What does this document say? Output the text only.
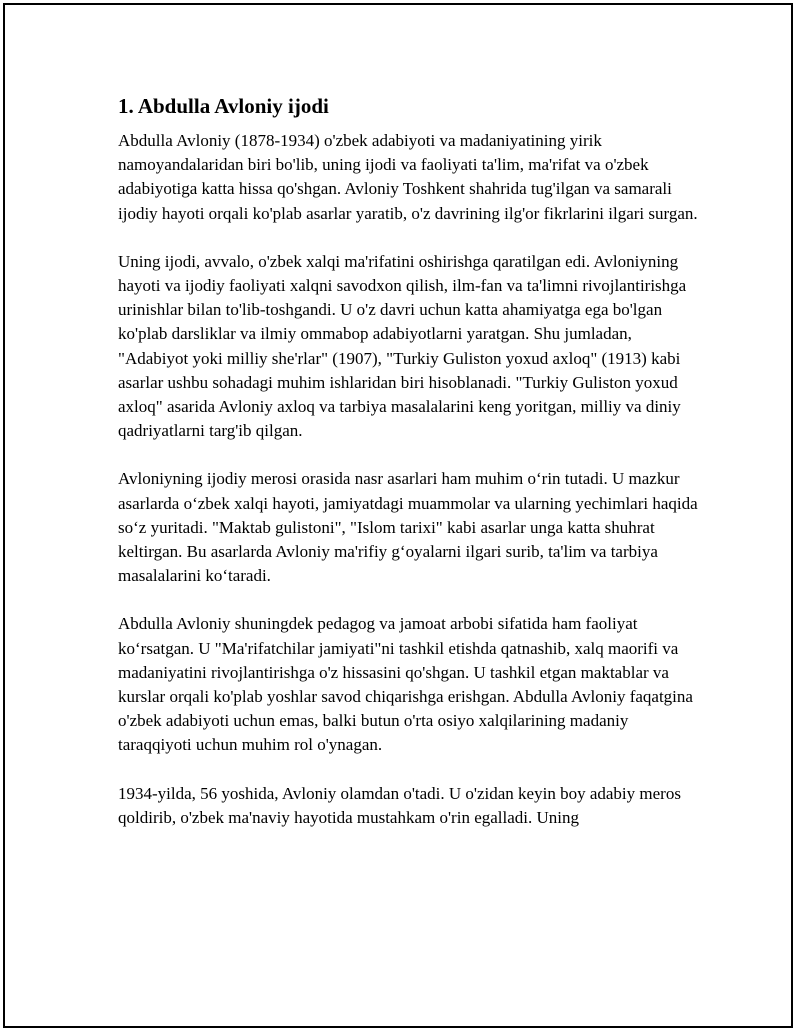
1. Abdulla Avloniy ijodi

Abdulla Avloniy (1878-1934) o'zbek adabiyoti va madaniyatining yirik namoyandalaridan biri bo'lib, uning ijodi va faoliyati ta'lim, ma'rifat va o'zbek adabiyotiga katta hissa qo'shgan. Avloniy Toshkent shahrida tug'ilgan va samarali ijodiy hayoti orqali ko'plab asarlar yaratib, o'z davrining ilg'or fikrlarini ilgari surgan.

Uning ijodi, avvalo, o'zbek xalqi ma'rifatini oshirishga qaratilgan edi. Avloniyning hayoti va ijodiy faoliyati xalqni savodxon qilish, ilm-fan va ta'limni rivojlantirishga urinishlar bilan to'lib-toshgandi. U o'z davri uchun katta ahamiyatga ega bo'lgan ko'plab darsliklar va ilmiy ommabop adabiyotlarni yaratgan. Shu jumladan, "Adabiyot yoki milliy she'rlar" (1907), "Turkiy Guliston yoxud axloq" (1913) kabi asarlar ushbu sohadagi muhim ishlaridan biri hisoblanadi. "Turkiy Guliston yoxud axloq" asarida Avloniy axloq va tarbiya masalalarini keng yoritgan, milliy va diniy qadriyatlarni targ'ib qilgan.

Avloniyning ijodiy merosi orasida nasr asarlari ham muhim o‘rin tutadi. U mazkur asarlarda o‘zbek xalqi hayoti, jamiyatdagi muammolar va ularning yechimlari haqida so‘z yuritadi. "Maktab gulistoni", "Islom tarixi" kabi asarlar unga katta shuhrat keltirgan. Bu asarlarda Avloniy ma'rifiy g‘oyalarni ilgari surib, ta'lim va tarbiya masalalarini ko‘taradi.

Abdulla Avloniy shuningdek pedagog va jamoat arbobi sifatida ham faoliyat ko‘rsatgan. U "Ma'rifatchilar jamiyati"ni tashkil etishda qatnashib, xalq maorifi va madaniyatini rivojlantirishga o'z hissasini qo'shgan. U tashkil etgan maktablar va kurslar orqali ko'plab yoshlar savod chiqarishga erishgan. Abdulla Avloniy faqatgina o'zbek adabiyoti uchun emas, balki butun o'rta osiyo xalqilarining madaniy taraqqiyoti uchun muhim rol o'ynagan.

1934-yilda, 56 yoshida, Avloniy olamdan o'tadi. U o'zidan keyin boy adabiy meros qoldirib, o'zbek ma'naviy hayotida mustahkam o'rin egalladi. Uning
